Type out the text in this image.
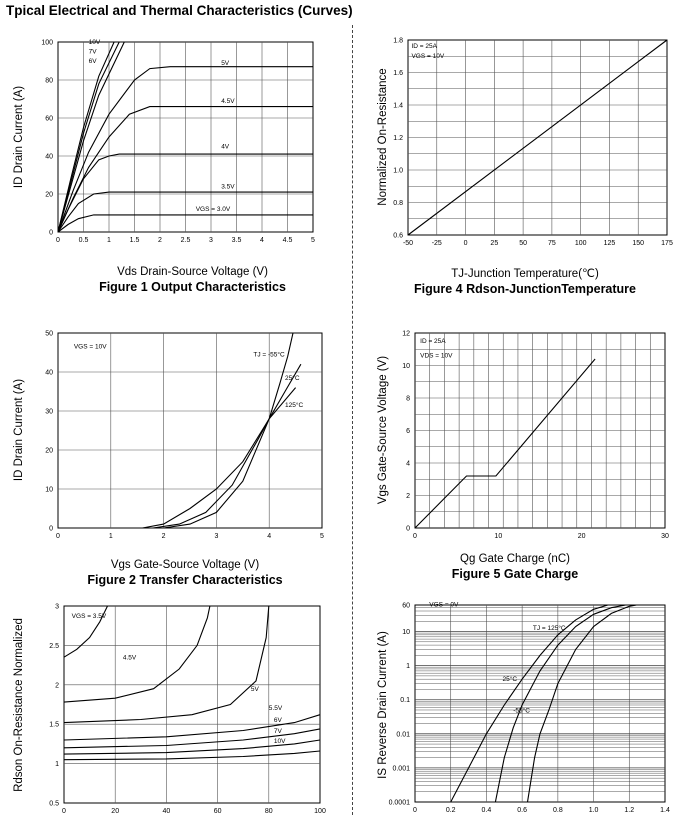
Tpical Electrical and Thermal Characteristics (Curves)
0	0.5	1	1.5	2	2.5	3	3.5	4	4.5	5
0
20
40
60
80
100
ID Drain Current (A)
10V
7V
6V	5V
4.5V
4V
3.5V
VGS = 3.0V
-50	-25	0	25	50	75	100 125 150 175
0.6
0.8
1.0
1.2
1.4
1.6
1.8
Normalized On-Resistance
ID = 25A
VGS = 10V
0	1	2	3	4	5
0
10
20
30
40
50
ID Drain Current (A)
VGS = 10V
TJ = -55°C
25°C
125°C
0	10	20	30
0
2
4
6
8
10
12
Vgs Gate-Source Voltage (V)
ID = 25A
VDS = 10V
0	20	40	60	80	100
0.5
1
1.5
2
2.5
3
Rdson On-Resistance Normalized
VGS = 3.5V
4.5V
5V
5.5V
6V
7V
10V
0	0.2	0.4	0.6	0.8	1.0	1.2	1.4
0.0001
0.001
0.01
0.1
1
10
60
IS Reverse Drain Current (A)
VGS = 0V
TJ = 125°C
25°C
-55°C
Vds Drain-Source Voltage (V)
Figure 1 Output Characteristics
TJ-Junction Temperature(℃)
Figure 4 Rdson-JunctionTemperature
Vgs Gate-Source Voltage (V)
Figure 2 Transfer Characteristics
Qg Gate Charge (nC)
Figure 5 Gate Charge
